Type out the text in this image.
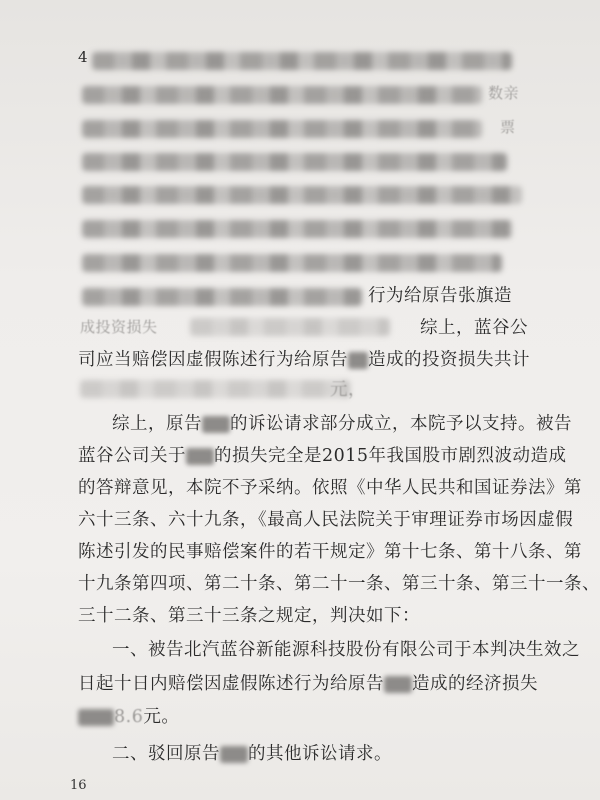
4
数亲
票
行为给原告张旗造
成投资损失	综上，蓝谷公
司应当赔偿因虚假陈述行为给原告 造成的投资损失共计
元，
综上，原告 的诉讼请求部分成立，本院予以支持。被告
蓝谷公司关于 的损失完全是2015年我国股市剧烈波动造成
的答辩意见，本院不予采纳。依照《中华人民共和国证券法》第
六十三条、六十九条，《最高人民法院关于审理证券市场因虚假
陈述引发的民事赔偿案件的若干规定》第十七条、第十八条、第
十九条第四项、第二十条、第二十一条、第三十条、第三十一条、
三十二条、第三十三条之规定，判决如下：
一、被告北汽蓝谷新能源科技股份有限公司于本判决生效之
日起十日内赔偿因虚假陈述行为给原告 造成的经济损失
8.6元。
二、驳回原告 的其他诉讼请求。
16
